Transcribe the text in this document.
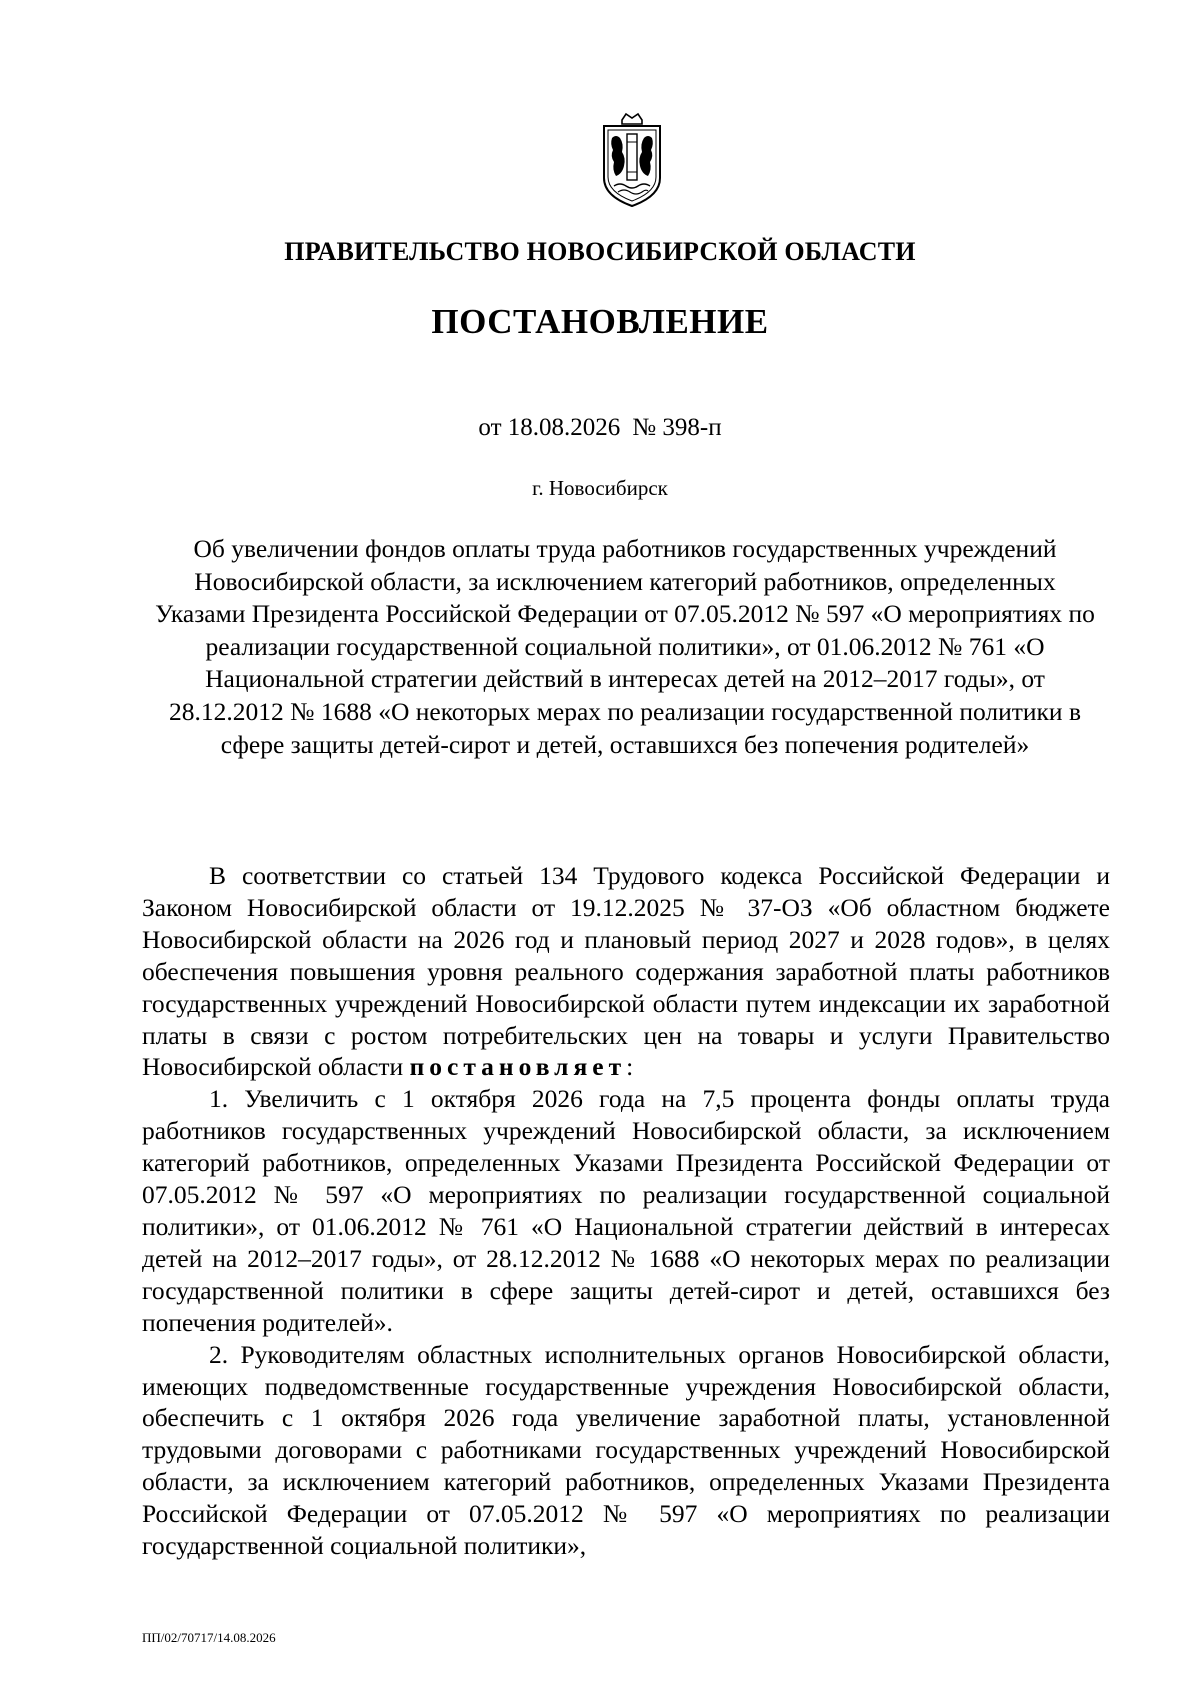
ПРАВИТЕЛЬСТВО НОВОСИБИРСКОЙ ОБЛАСТИ
ПОСТАНОВЛЕНИЕ
от 18.08.2026 № 398-п
г. Новосибирск
Об увеличении фондов оплаты труда работников государственных учреждений Новосибирской области, за исключением категорий работников, определенных Указами Президента Российской Федерации от 07.05.2012 № 597 «О мероприятиях по реализации государственной социальной политики», от 01.06.2012 № 761 «О Национальной стратегии действий в интересах детей на 2012–2017 годы», от 28.12.2012 № 1688 «О некоторых мерах по реализации государственной политики в сфере защиты детей-сирот и детей, оставшихся без попечения родителей»

В соответствии со статьей 134 Трудового кодекса Российской Федерации и Законом Новосибирской области от 19.12.2025 № 37-ОЗ «Об областном бюджете Новосибирской области на 2026 год и плановый период 2027 и 2028 годов», в целях обеспечения повышения уровня реального содержания заработной платы работников государственных учреждений Новосибирской области путем индексации их заработной платы в связи с ростом потребительских цен на товары и услуги Правительство Новосибирской области постановляет:

1. Увеличить с 1 октября 2026 года на 7,5 процента фонды оплаты труда работников государственных учреждений Новосибирской области, за исключением категорий работников, определенных Указами Президента Российской Федерации от 07.05.2012 № 597 «О мероприятиях по реализации государственной социальной политики», от 01.06.2012 № 761 «О Национальной стратегии действий в интересах детей на 2012–2017 годы», от 28.12.2012 № 1688 «О некоторых мерах по реализации государственной политики в сфере защиты детей-сирот и детей, оставшихся без попечения родителей».

2. Руководителям областных исполнительных органов Новосибирской области, имеющих подведомственные государственные учреждения Новосибирской области, обеспечить с 1 октября 2026 года увеличение заработной платы, установленной трудовыми договорами с работниками государственных учреждений Новосибирской области, за исключением категорий работников, определенных Указами Президента Российской Федерации от 07.05.2012 № 597 «О мероприятиях по реализации государственной социальной политики»,

ПП/02/70717/14.08.2026
